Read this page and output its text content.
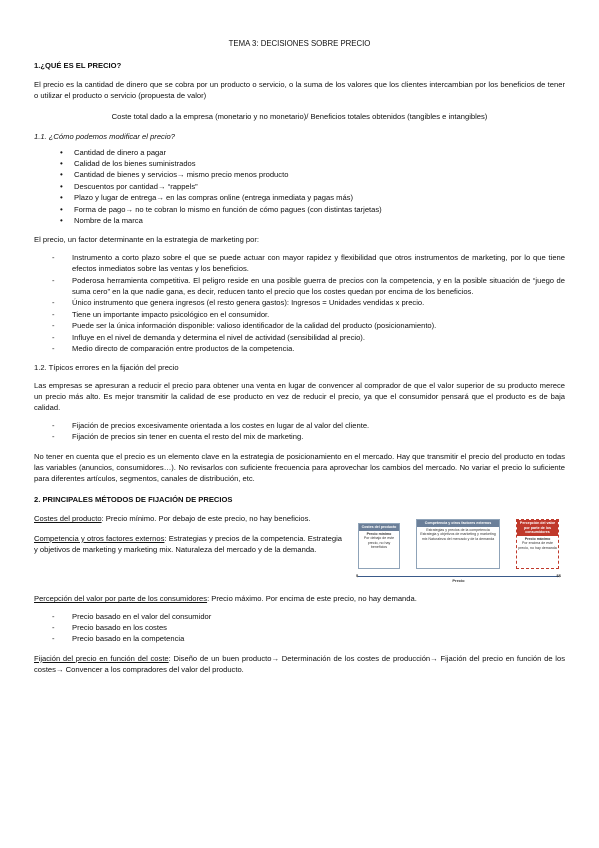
TEMA 3: DECISIONES SOBRE PRECIO
1.¿QUÉ ES EL PRECIO?

El precio es la cantidad de dinero que se cobra por un producto o servicio, o la suma de los valores que los clientes intercambian por los beneficios de tener o utilizar el producto o servicio (propuesta de valor)

Coste total dado a la empresa (monetario y no monetario)/ Beneficios totales obtenidos (tangibles e intangibles)

1.1. ¿Cómo podemos modificar el precio?
• Cantidad de dinero a pagar
• Calidad de los bienes suministrados
• Cantidad de bienes y servicios→ mismo precio menos producto
• Descuentos por cantidad→ “rappels”
• Plazo y lugar de entrega→ en las compras online (entrega inmediata y pagas más)
• Forma de pago→ no te cobran lo mismo en función de cómo pagues (con distintas tarjetas)
• Nombre de la marca

El precio, un factor determinante en la estrategia de marketing por:

- Instrumento a corto plazo sobre el que se puede actuar con mayor rapidez y flexibilidad que otros instrumentos de marketing, por lo que tiene efectos inmediatos sobre las ventas y los beneficios.
- Poderosa herramienta competitiva. El peligro reside en una posible guerra de precios con la competencia, y en la posible situación de “juego de suma cero” en la que nadie gana, es decir, reducen tanto el precio que los costes quedan por encima de los beneficios.
- Único instrumento que genera ingresos (el resto genera gastos): Ingresos = Unidades vendidas x precio.
- Tiene un importante impacto psicológico en el consumidor.
- Puede ser la única información disponible: valioso identificador de la calidad del producto (posicionamiento).
- Influye en el nivel de demanda y determina el nivel de actividad (sensibilidad al precio).
- Medio directo de comparación entre productos de la competencia.
1.2. Típicos errores en la fijación del precio

Las empresas se apresuran a reducir el precio para obtener una venta en lugar de convencer al comprador de que el valor superior de su producto merece un precio más alto. Es mejor transmitir la calidad de ese producto en vez de reducir el precio, ya que el consumidor pensará que el producto es de baja calidad.

- Fijación de precios excesivamente orientada a los costes en lugar de al valor del cliente.
- Fijación de precios sin tener en cuenta el resto del mix de marketing.

No tener en cuenta que el precio es un elemento clave en la estrategia de posicionamiento en el mercado. Hay que transmitir el precio del producto en todas las variables (anuncios, consumidores…). No revisarlos con suficiente frecuencia para aprovechar los cambios del mercado. No variar el precio lo suficiente para diferentes artículos, segmentos, canales de distribución, etc.

2. PRINCIPALES MÉTODOS DE FIJACIÓN DE PRECIOS

Costes del producto: Precio mínimo. Por debajo de este precio, no hay beneficios.

Competencia y otros factores externos: Estrategias y precios de la competencia. Estrategia y objetivos de marketing y marketing mix. Naturaleza del mercado y de la demanda.

Costes del producto
Precio mínimo
Por debajo de este precio, no hay beneficios
Competencia y otros factores externos
Estrategias y precios de la competencia Estrategia y objetivos de marketing y marketing mix Naturaleza del mercado y de la demanda
Percepción del valor por parte de los consumidores
Precio máximo
Por encima de este precio, no hay demanda
$	$$
Precio

Percepción del valor por parte de los consumidores: Precio máximo. Por encima de este precio, no hay demanda.

- Precio basado en el valor del consumidor
- Precio basado en los costes
- Precio basado en la competencia

Fijación del precio en función del coste: Diseño de un buen producto→ Determinación de los costes de producción→ Fijación del precio en función de los costes→ Convencer a los compradores del valor del producto.
